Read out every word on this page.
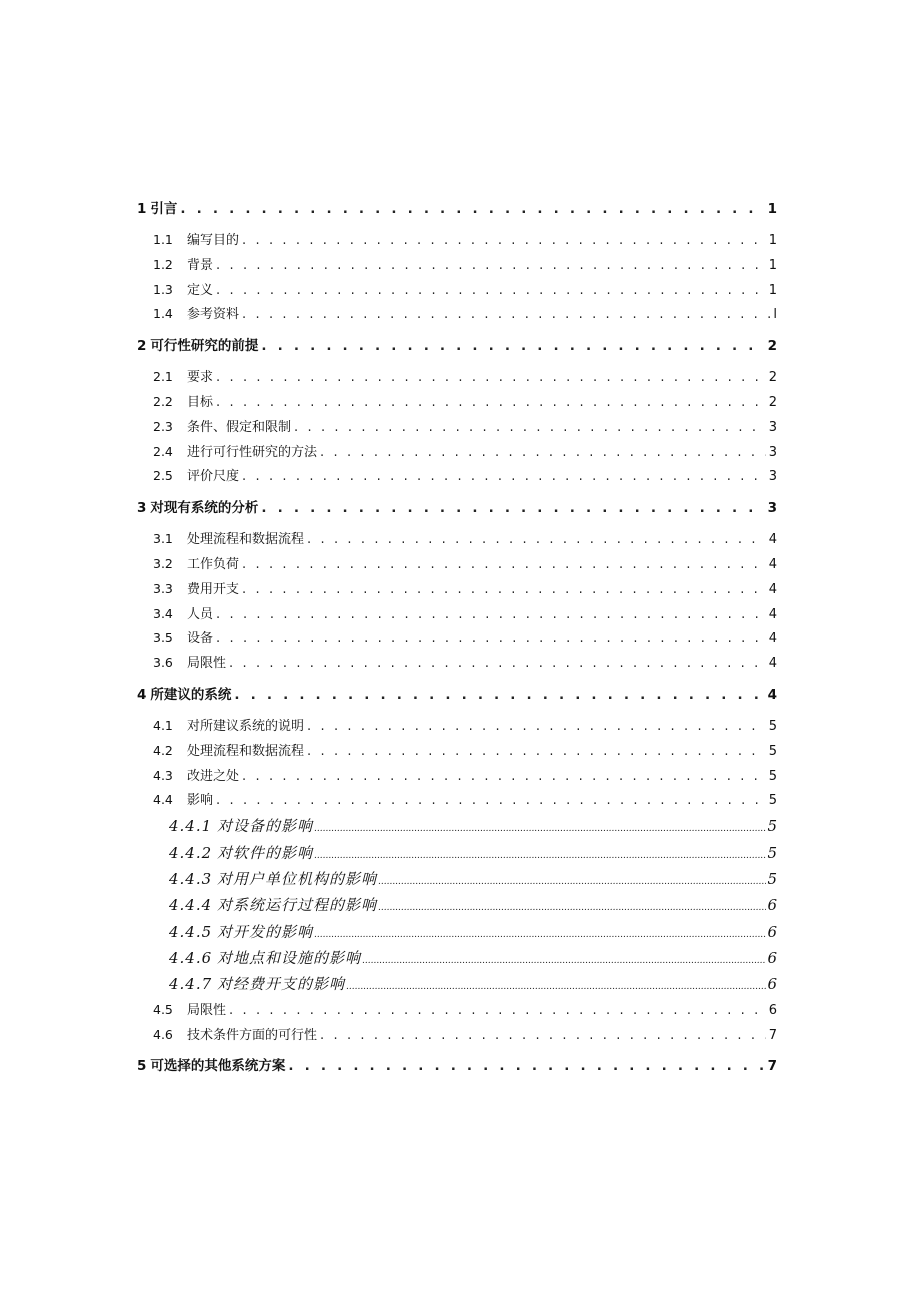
1 引言 . . .	1
1.1	编写目的 . . .	1
1.2	背景 . . .	1
1.3	定义 . . .	1
1.4	参考资料 . . .	l
2 可行性研究的前提 . . .	2
2.1	要求 . . .	2
2.2	目标 . . .	2
2.3	条件、假定和限制 . . .	3
2.4	进行可行性研究的方法 . . .	3
2.5	评价尺度 . . .	3
3 对现有系统的分析 . . .	3
3.1	处理流程和数据流程 . . .	4
3.2	工作负荷 . . .	4
3.3	费用开支 . . .	4
3.4	人员 . . .	4
3.5	设备 . . .	4
3.6	局限性 . . .	4
4 所建议的系统 . . .	4
4.1	对所建议系统的说明 . . .	5
4.2	处理流程和数据流程 . . .	5
4.3	改进之处 . . .	5
4.4	影响 . . .	5
4.4.1 对设备的影响 .....	5
4.4.2 对软件的影响 .....	5
4.4.3 对用户单位机构的影响 .....	5
4.4.4 对系统运行过程的影响 .....	6
4.4.5 对开发的影响 .....	6
4.4.6 对地点和设施的影响 .....	6
4.4.7 对经费开支的影响 .....	6
4.5	局限性 . . .	6
4.6	技术条件方面的可行性 . . .	7
5 可选择的其他系统方案 . . .	7
